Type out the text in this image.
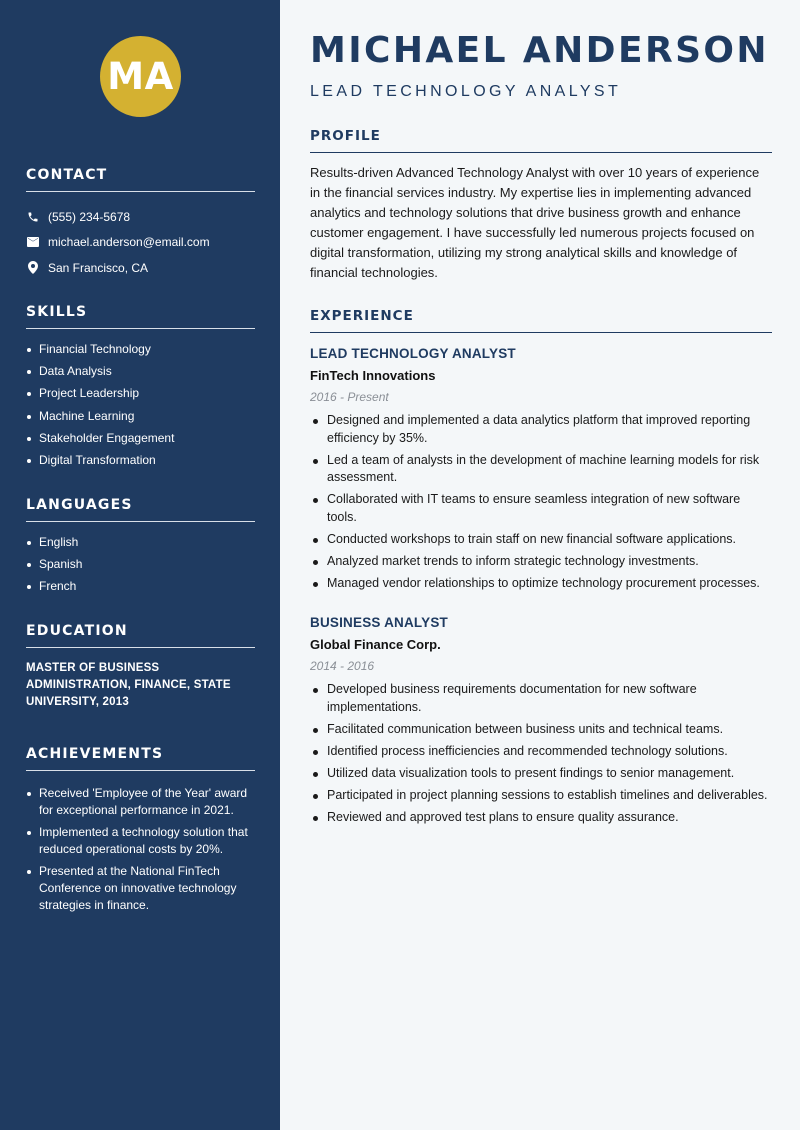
MA
CONTACT
(555) 234-5678
michael.anderson@email.com
San Francisco, CA
SKILLS
Financial Technology
Data Analysis
Project Leadership
Machine Learning
Stakeholder Engagement
Digital Transformation
LANGUAGES
English
Spanish
French
EDUCATION
MASTER OF BUSINESS ADMINISTRATION, FINANCE, STATE UNIVERSITY, 2013
ACHIEVEMENTS
Received 'Employee of the Year' award for exceptional performance in 2021.
Implemented a technology solution that reduced operational costs by 20%.
Presented at the National FinTech Conference on innovative technology strategies in finance.
MICHAEL ANDERSON
LEAD TECHNOLOGY ANALYST
PROFILE

Results-driven Advanced Technology Analyst with over 10 years of experience in the financial services industry. My expertise lies in implementing advanced analytics and technology solutions that drive business growth and enhance customer engagement. I have successfully led numerous projects focused on digital transformation, utilizing my strong analytical skills and knowledge of financial technologies.

EXPERIENCE
LEAD TECHNOLOGY ANALYST
FinTech Innovations
2016 - Present
Designed and implemented a data analytics platform that improved reporting efficiency by 35%.
Led a team of analysts in the development of machine learning models for risk assessment.
Collaborated with IT teams to ensure seamless integration of new software tools.
Conducted workshops to train staff on new financial software applications.
Analyzed market trends to inform strategic technology investments.
Managed vendor relationships to optimize technology procurement processes.
BUSINESS ANALYST
Global Finance Corp.
2014 - 2016
Developed business requirements documentation for new software implementations.
Facilitated communication between business units and technical teams.
Identified process inefficiencies and recommended technology solutions.
Utilized data visualization tools to present findings to senior management.
Participated in project planning sessions to establish timelines and deliverables.
Reviewed and approved test plans to ensure quality assurance.
